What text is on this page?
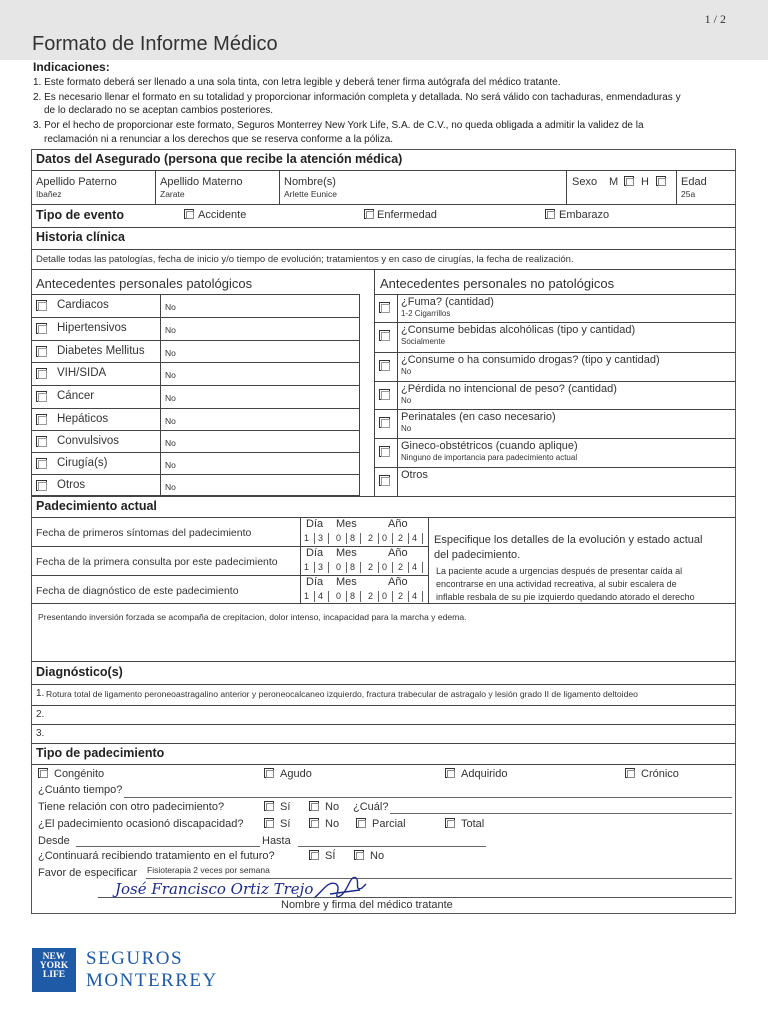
1 / 2
Formato de Informe Médico
Indicaciones:
1. Este formato deberá ser llenado a una sola tinta, con letra legible y deberá tener firma autógrafa del médico tratante.
2. Es necesario llenar el formato en su totalidad y proporcionar información completa y detallada. No será válido con tachaduras, enmendaduras y
de lo declarado no se aceptan cambios posteriores.
3. Por el hecho de proporcionar este formato, Seguros Monterrey New York Life, S.A. de C.V., no queda obligada a admitir la validez de la
reclamación ni a renunciar a los derechos que se reserva conforme a la póliza.
Datos del Asegurado (persona que recibe la atención médica)
Apellido Paterno
Ibañez
Apellido Materno
Zarate
Nombre(s)
Arlette Eunice
Sexo M H	Edad
25a
Tipo de evento	Accidente	Enfermedad	Embarazo
Historia clínica
Detalle todas las patologías, fecha de inicio y/o tiempo de evolución; tratamientos y en caso de cirugías, la fecha de realización.
Antecedentes personales patológicos
Cardiacos	No
Hipertensivos	No
Diabetes Mellitus No
VIH/SIDA	No
Cáncer	No
Hepáticos	No
Convulsivos	No
Cirugía(s)	No
Otros	No
Antecedentes personales no patológicos
¿Fuma? (cantidad)
1-2 Cigarrillos
¿Consume bebidas alcohólicas (tipo y cantidad)
Socialmente
¿Consume o ha consumido drogas? (tipo y cantidad)
No
¿Pérdida no intencional de peso? (cantidad)
No
Perinatales (en caso necesario)
No
Gineco-obstétricos (cuando aplique)
Ninguno de importancia para padecimiento actual
Otros
Padecimiento actual
Fecha de primeros síntomas del padecimiento
Día Mes	Año
1 3 0 8 2 0 2 4
Fecha de la primera consulta por este padecimiento
Día Mes	Año
1 3 0 8 2 0 2 4
Fecha de diagnóstico de este padecimiento
Día Mes	Año
1 4 0 8 2 0 2 4
Especifique los detalles de la evolución y estado actual
del padecimiento.
La paciente acude a urgencias después de presentar caída al
encontrarse en una actividad recreativa, al subir escalera de
inflable resbala de su pie izquierdo quedando atorado el derecho
Presentando inversión forzada se acompaña de crepitacion, dolor intenso, incapacidad para la marcha y edema.
Diagnóstico(s)
1. Rotura total de ligamento peroneoastragalino anterior y peroneocalcaneo izquierdo, fractura trabecular de astragalo y lesión grado II de ligamento deltoideo
2.
3.
Tipo de padecimiento
Congénito	Agudo	Adquirido	Crónico
¿Cuánto tiempo?
Tiene relación con otro padecimiento?	Sí	No ¿Cuál?
¿El padecimiento ocasionó discapacidad?	Sí	No	Parcial	Total
Desde	Hasta
¿Continuará recibiendo tratamiento en el futuro?	SÍ	No
Favor de especificar Fisioterapia 2 veces por semana
José Francisco Ortiz Trejo
Nombre y firma del médico tratante
NEW
YORK
LIFE
SEGUROS
MONTERREY
